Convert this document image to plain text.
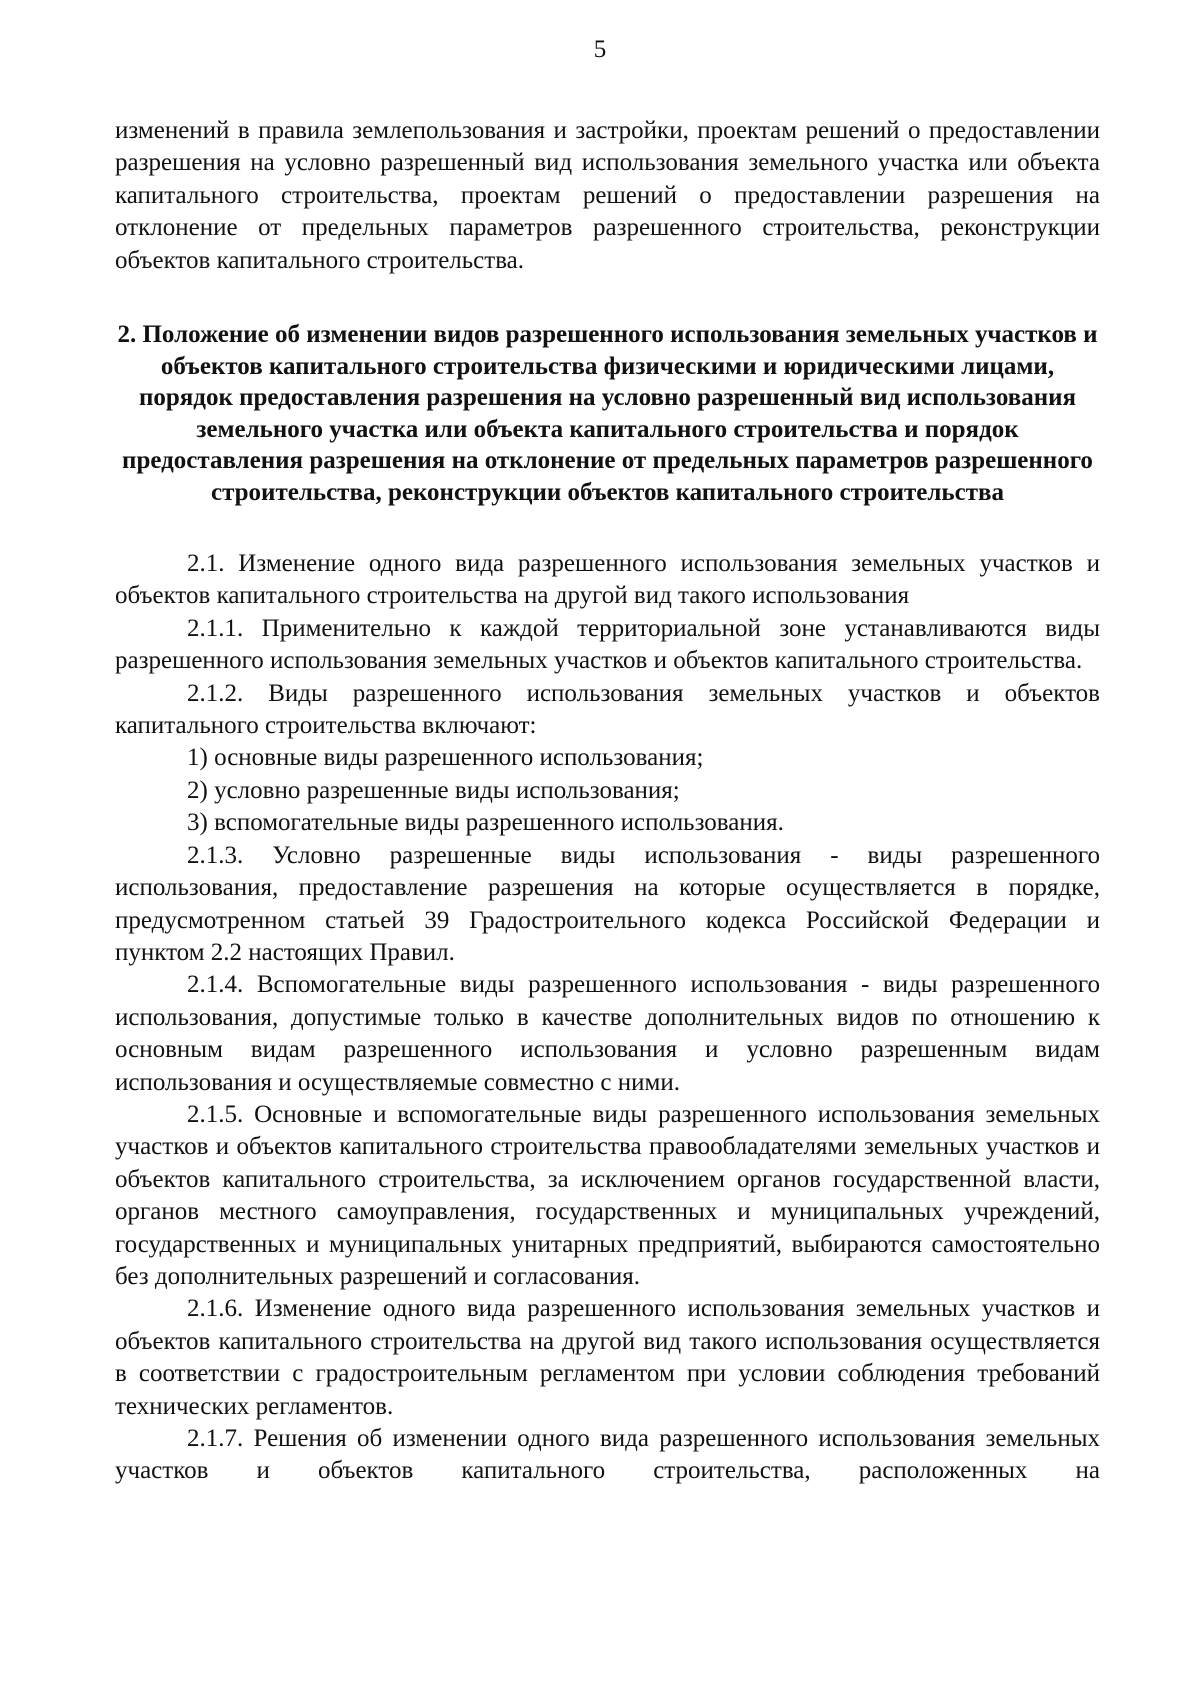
5

изменений в правила землепользования и застройки, проектам решений о предоставлении разрешения на условно разрешенный вид использования земельного участка или объекта капитального строительства, проектам решений о предоставлении разрешения на отклонение от предельных параметров разрешенного строительства, реконструкции объектов капитального строительства.

2. Положение об изменении видов разрешенного использования земельных участков и объектов капитального строительства физическими и юридическими лицами, порядок предоставления разрешения на условно разрешенный вид использования земельного участка или объекта капитального строительства и порядок предоставления разрешения на отклонение от предельных параметров разрешенного строительства, реконструкции объектов капитального строительства

2.1. Изменение одного вида разрешенного использования земельных участков и объектов капитального строительства на другой вид такого использования

2.1.1. Применительно к каждой территориальной зоне устанавливаются виды разрешенного использования земельных участков и объектов капитального строительства.

2.1.2. Виды разрешенного использования земельных участков и объектов капитального строительства включают:

1) основные виды разрешенного использования;

2) условно разрешенные виды использования;

3) вспомогательные виды разрешенного использования.

2.1.3. Условно разрешенные виды использования - виды разрешенного использования, предоставление разрешения на которые осуществляется в порядке, предусмотренном статьей 39 Градостроительного кодекса Российской Федерации и пунктом 2.2 настоящих Правил.

2.1.4. Вспомогательные виды разрешенного использования - виды разрешенного использования, допустимые только в качестве дополнительных видов по отношению к основным видам разрешенного использования и условно разрешенным видам использования и осуществляемые совместно с ними.

2.1.5. Основные и вспомогательные виды разрешенного использования земельных участков и объектов капитального строительства правообладателями земельных участков и объектов капитального строительства, за исключением органов государственной власти, органов местного самоуправления, государственных и муниципальных учреждений, государственных и муниципальных унитарных предприятий, выбираются самостоятельно без дополнительных разрешений и согласования.

2.1.6. Изменение одного вида разрешенного использования земельных участков и объектов капитального строительства на другой вид такого использования осуществляется в соответствии с градостроительным регламентом при условии соблюдения требований технических регламентов.

2.1.7. Решения об изменении одного вида разрешенного использования земельных участков и объектов капитального строительства, расположенных на
